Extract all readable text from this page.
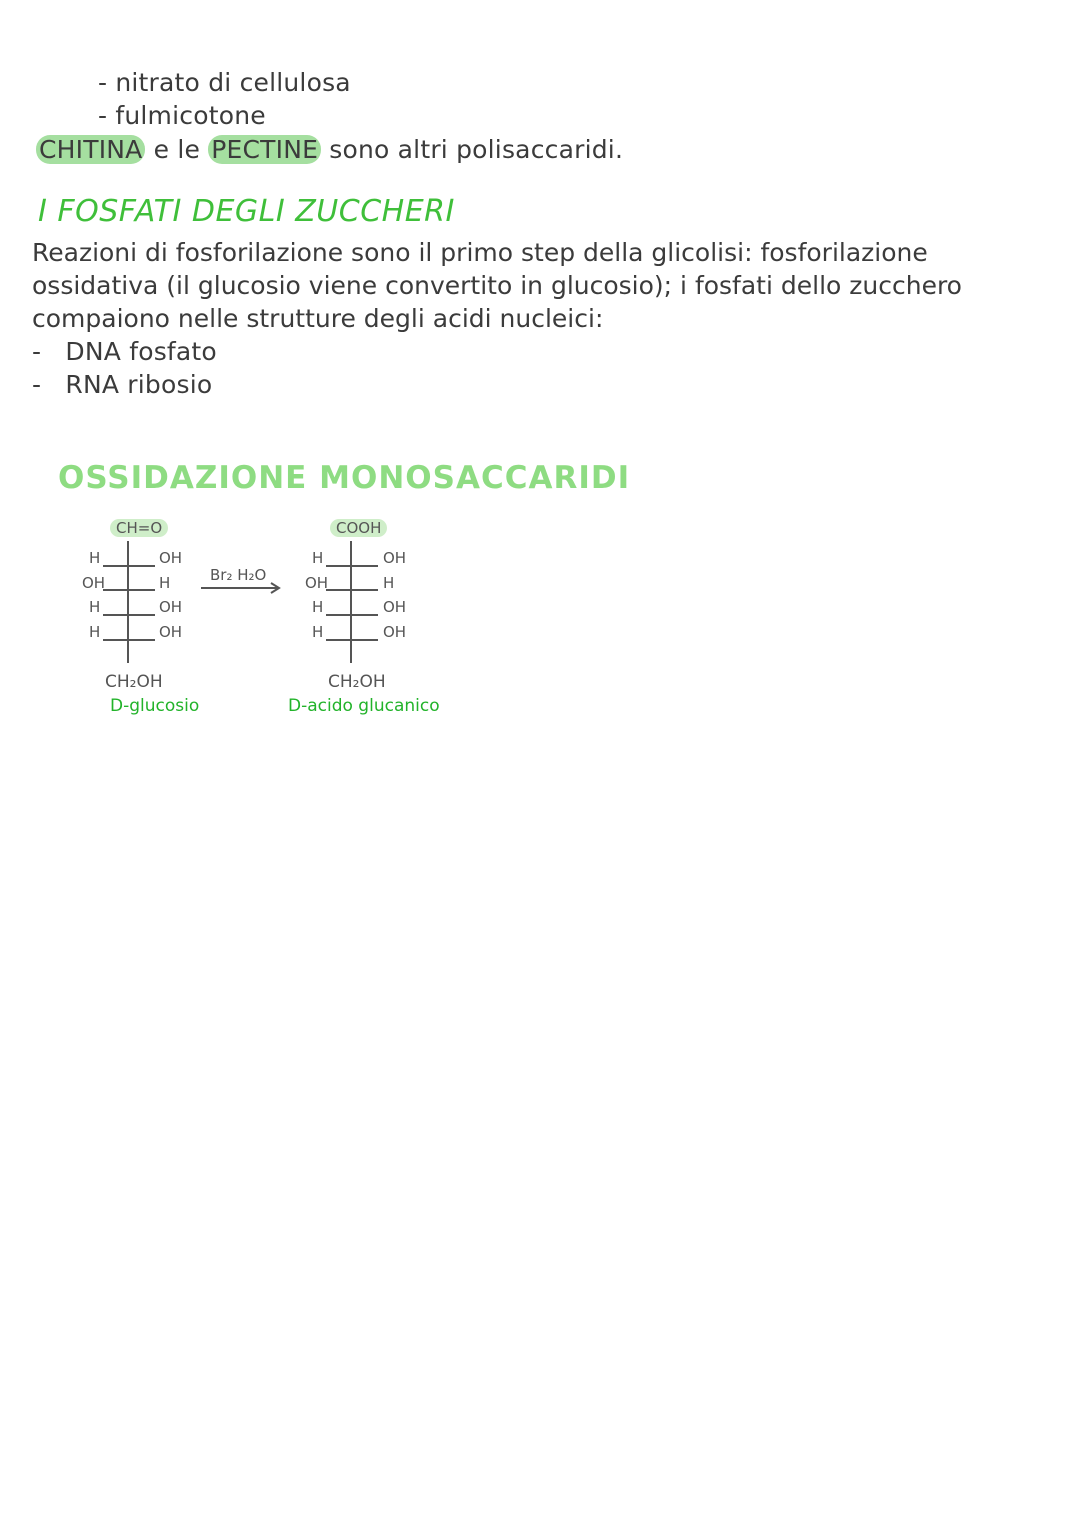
- nitrato di cellulosa
- fulmicotone
CHITINA e le PECTINE sono altri polisaccaridi.
I FOSFATI DEGLI ZUCCHERI
Reazioni di fosforilazione sono il primo step della glicolisi: fosforilazione ossidativa (il glucosio viene convertito in glucosio); i fosfati dello zucchero compaiono nelle strutture degli acidi nucleici:
- DNA fosfato
- RNA ribosio
OSSIDAZIONE MONOSACCARIDI
CH=O
H	OH
OH	H
H	OH
H	OH
CH₂OH
D-glucosio
Br₂ H₂O
COOH
H	OH
OH	H
H	OH
H	OH
CH₂OH
D-acido glucanico
